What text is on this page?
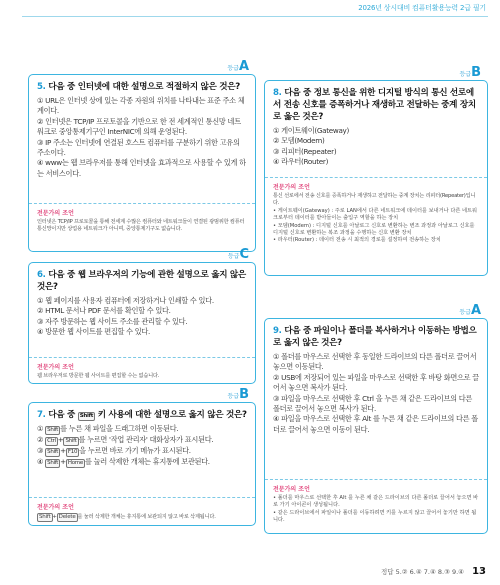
2026년 상시대비 컴퓨터활용능력 2급 필기
등급A
5. 다음 중 인터넷에 대한 설명으로 적절하지 않은 것은?

① URL은 인터넷 상에 있는 각종 자원의 위치를 나타내는 표준 주소 체계이다.

② 인터넷은 TCP/IP 프로토콜을 기반으로 한 전 세계적인 통신망 네트워크로 중앙통제기구인 InterNIC에 의해 운영된다.

③ IP 주소는 인터넷에 연결된 호스트 컴퓨터를 구분하기 위한 고유의 주소이다.

④ www는 웹 브라우저를 통해 인터넷을 효과적으로 사용할 수 있게 하는 서비스이다.

전문가의 조언
인터넷은 TCP/IP 프로토콜을 통해 전세계 수많은 컴퓨터와 네트워크들이 연결된 광범위한 컴퓨터 통신망이지만 상업용 네트워크가 아니며, 중앙통제기구도 없습니다.
등급C
6. 다음 중 웹 브라우저의 기능에 관한 설명으로 옳지 않은 것은?

① 웹 페이지를 사용자 컴퓨터에 저장하거나 인쇄할 수 있다.

② HTML 문서나 PDF 문서를 확인할 수 있다.

③ 자주 방문하는 웹 사이트 주소를 관리할 수 있다.

④ 방문한 웹 사이트를 편집할 수 있다.

전문가의 조언
웹 브라우저로 방문한 웹 사이트를 편집할 수는 없습니다.
등급B
7. 다음 중 Shift 키 사용에 대한 설명으로 옳지 않은 것은?

① Shift 를 누른 채 파일을 드래그하면 이동된다.

② Ctrl + Shift 를 누르면 '작업 관리자' 대화상자가 표시된다.

③ Shift + F10 을 누르면 바로 가기 메뉴가 표시된다.

④ Shift + Home 를 눌러 삭제한 개체는 휴지통에 보관된다.

전문가의 조언
Shift + Delete 를 눌러 삭제한 개체는 휴지통에 보관되지 않고 바로 삭제됩니다.
등급B
8. 다음 중 정보 통신을 위한 디지털 방식의 통신 선로에서 전송 신호를 증폭하거나 재생하고 전달하는 중계 장치로 옳은 것은?

① 게이트웨이(Gateway)

② 모뎀(Modem)

③ 리피터(Repeater)

④ 라우터(Router)

전문가의 조언
통신 선로에서 전송 신호를 증폭하거나 재생하고 전달하는 중계 장치는 리피터(Repeater)입니다.
• 게이트웨이(Gateway) : 주로 LAN에서 다른 네트워크에 데이터를 보내거나 다른 네트워크로부터 데이터를 받아들이는 출입구 역할을 하는 장치
• 모뎀(Modem) : 디지털 신호를 아날로그 신호로 변환하는 변조 과정과 아날로그 신호를 디지털 신호로 변환하는 복조 과정을 수행하는 신호 변환 장치
• 라우터(Router) : 데이터 전송 시 최적의 경로를 설정하여 전송하는 장치
등급A
9. 다음 중 파일이나 폴더를 복사하거나 이동하는 방법으로 옳지 않은 것은?

① 폴더를 마우스로 선택한 후 동일한 드라이브의 다른 폴더로 끌어서 놓으면 이동된다.

② USB에 저장되어 있는 파일을 마우스로 선택한 후 바탕 화면으로 끌어서 놓으면 복사가 된다.

③ 파일을 마우스로 선택한 후 Ctrl 을 누른 채 같은 드라이브의 다른 폴더로 끌어서 놓으면 복사가 된다.

④ 파일을 마우스로 선택한 후 Alt 를 누른 채 같은 드라이브의 다른 폴더로 끌어서 놓으면 이동이 된다.

전문가의 조언
• 폴더를 마우스로 선택한 후 Alt 를 누른 채 같은 드라이브의 다른 폴더로 끌어서 놓으면 바로 가기 아이콘이 생성됩니다.
• 같은 드라이브에서 파일이나 폴더를 이동하려면 키를 누르지 않고 끌어서 놓기만 하면 됩니다.
정답 5.② 6.④ 7.④ 8.③ 9.④ 13
